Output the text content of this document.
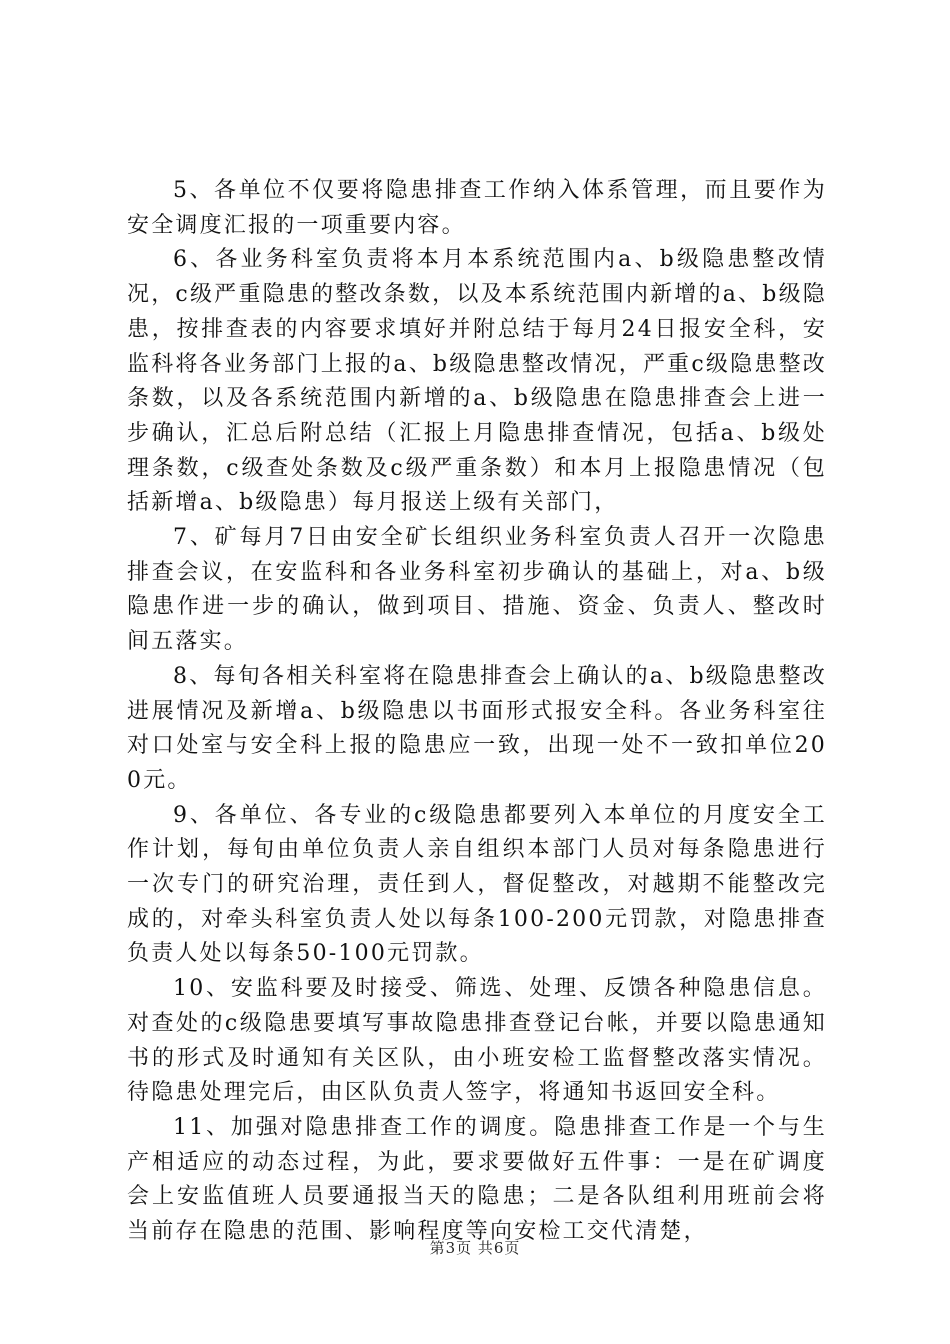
5、各单位不仅要将隐患排查工作纳入体系管理，而且要作为安全调度汇报的一项重要内容。

6、各业务科室负责将本月本系统范围内a、b级隐患整改情况，c级严重隐患的整改条数，以及本系统范围内新增的a、b级隐患，按排查表的内容要求填好并附总结于每月24日报安全科，安监科将各业务部门上报的a、b级隐患整改情况，严重c级隐患整改条数，以及各系统范围内新增的a、b级隐患在隐患排查会上进一步确认，汇总后附总结（汇报上月隐患排查情况，包括a、b级处理条数，c级查处条数及c级严重条数）和本月上报隐患情况（包括新增a、b级隐患）每月报送上级有关部门，

7、矿每月7日由安全矿长组织业务科室负责人召开一次隐患排查会议，在安监科和各业务科室初步确认的基础上，对a、b级隐患作进一步的确认，做到项目、措施、资金、负责人、整改时间五落实。

8、每旬各相关科室将在隐患排查会上确认的a、b级隐患整改进展情况及新增a、b级隐患以书面形式报安全科。各业务科室往对口处室与安全科上报的隐患应一致，出现一处不一致扣单位200元。

9、各单位、各专业的c级隐患都要列入本单位的月度安全工作计划，每旬由单位负责人亲自组织本部门人员对每条隐患进行一次专门的研究治理，责任到人，督促整改，对越期不能整改完成的，对牵头科室负责人处以每条100-200元罚款，对隐患排查负责人处以每条50-100元罚款。

10、安监科要及时接受、筛选、处理、反馈各种隐患信息。对查处的c级隐患要填写事故隐患排查登记台帐，并要以隐患通知书的形式及时通知有关区队，由小班安检工监督整改落实情况。待隐患处理完后，由区队负责人签字，将通知书返回安全科。

11、加强对隐患排查工作的调度。隐患排查工作是一个与生产相适应的动态过程，为此，要求要做好五件事：一是在矿调度会上安监值班人员要通报当天的隐患；二是各队组利用班前会将当前存在隐患的范围、影响程度等向安检工交代清楚，

第3页 共6页
